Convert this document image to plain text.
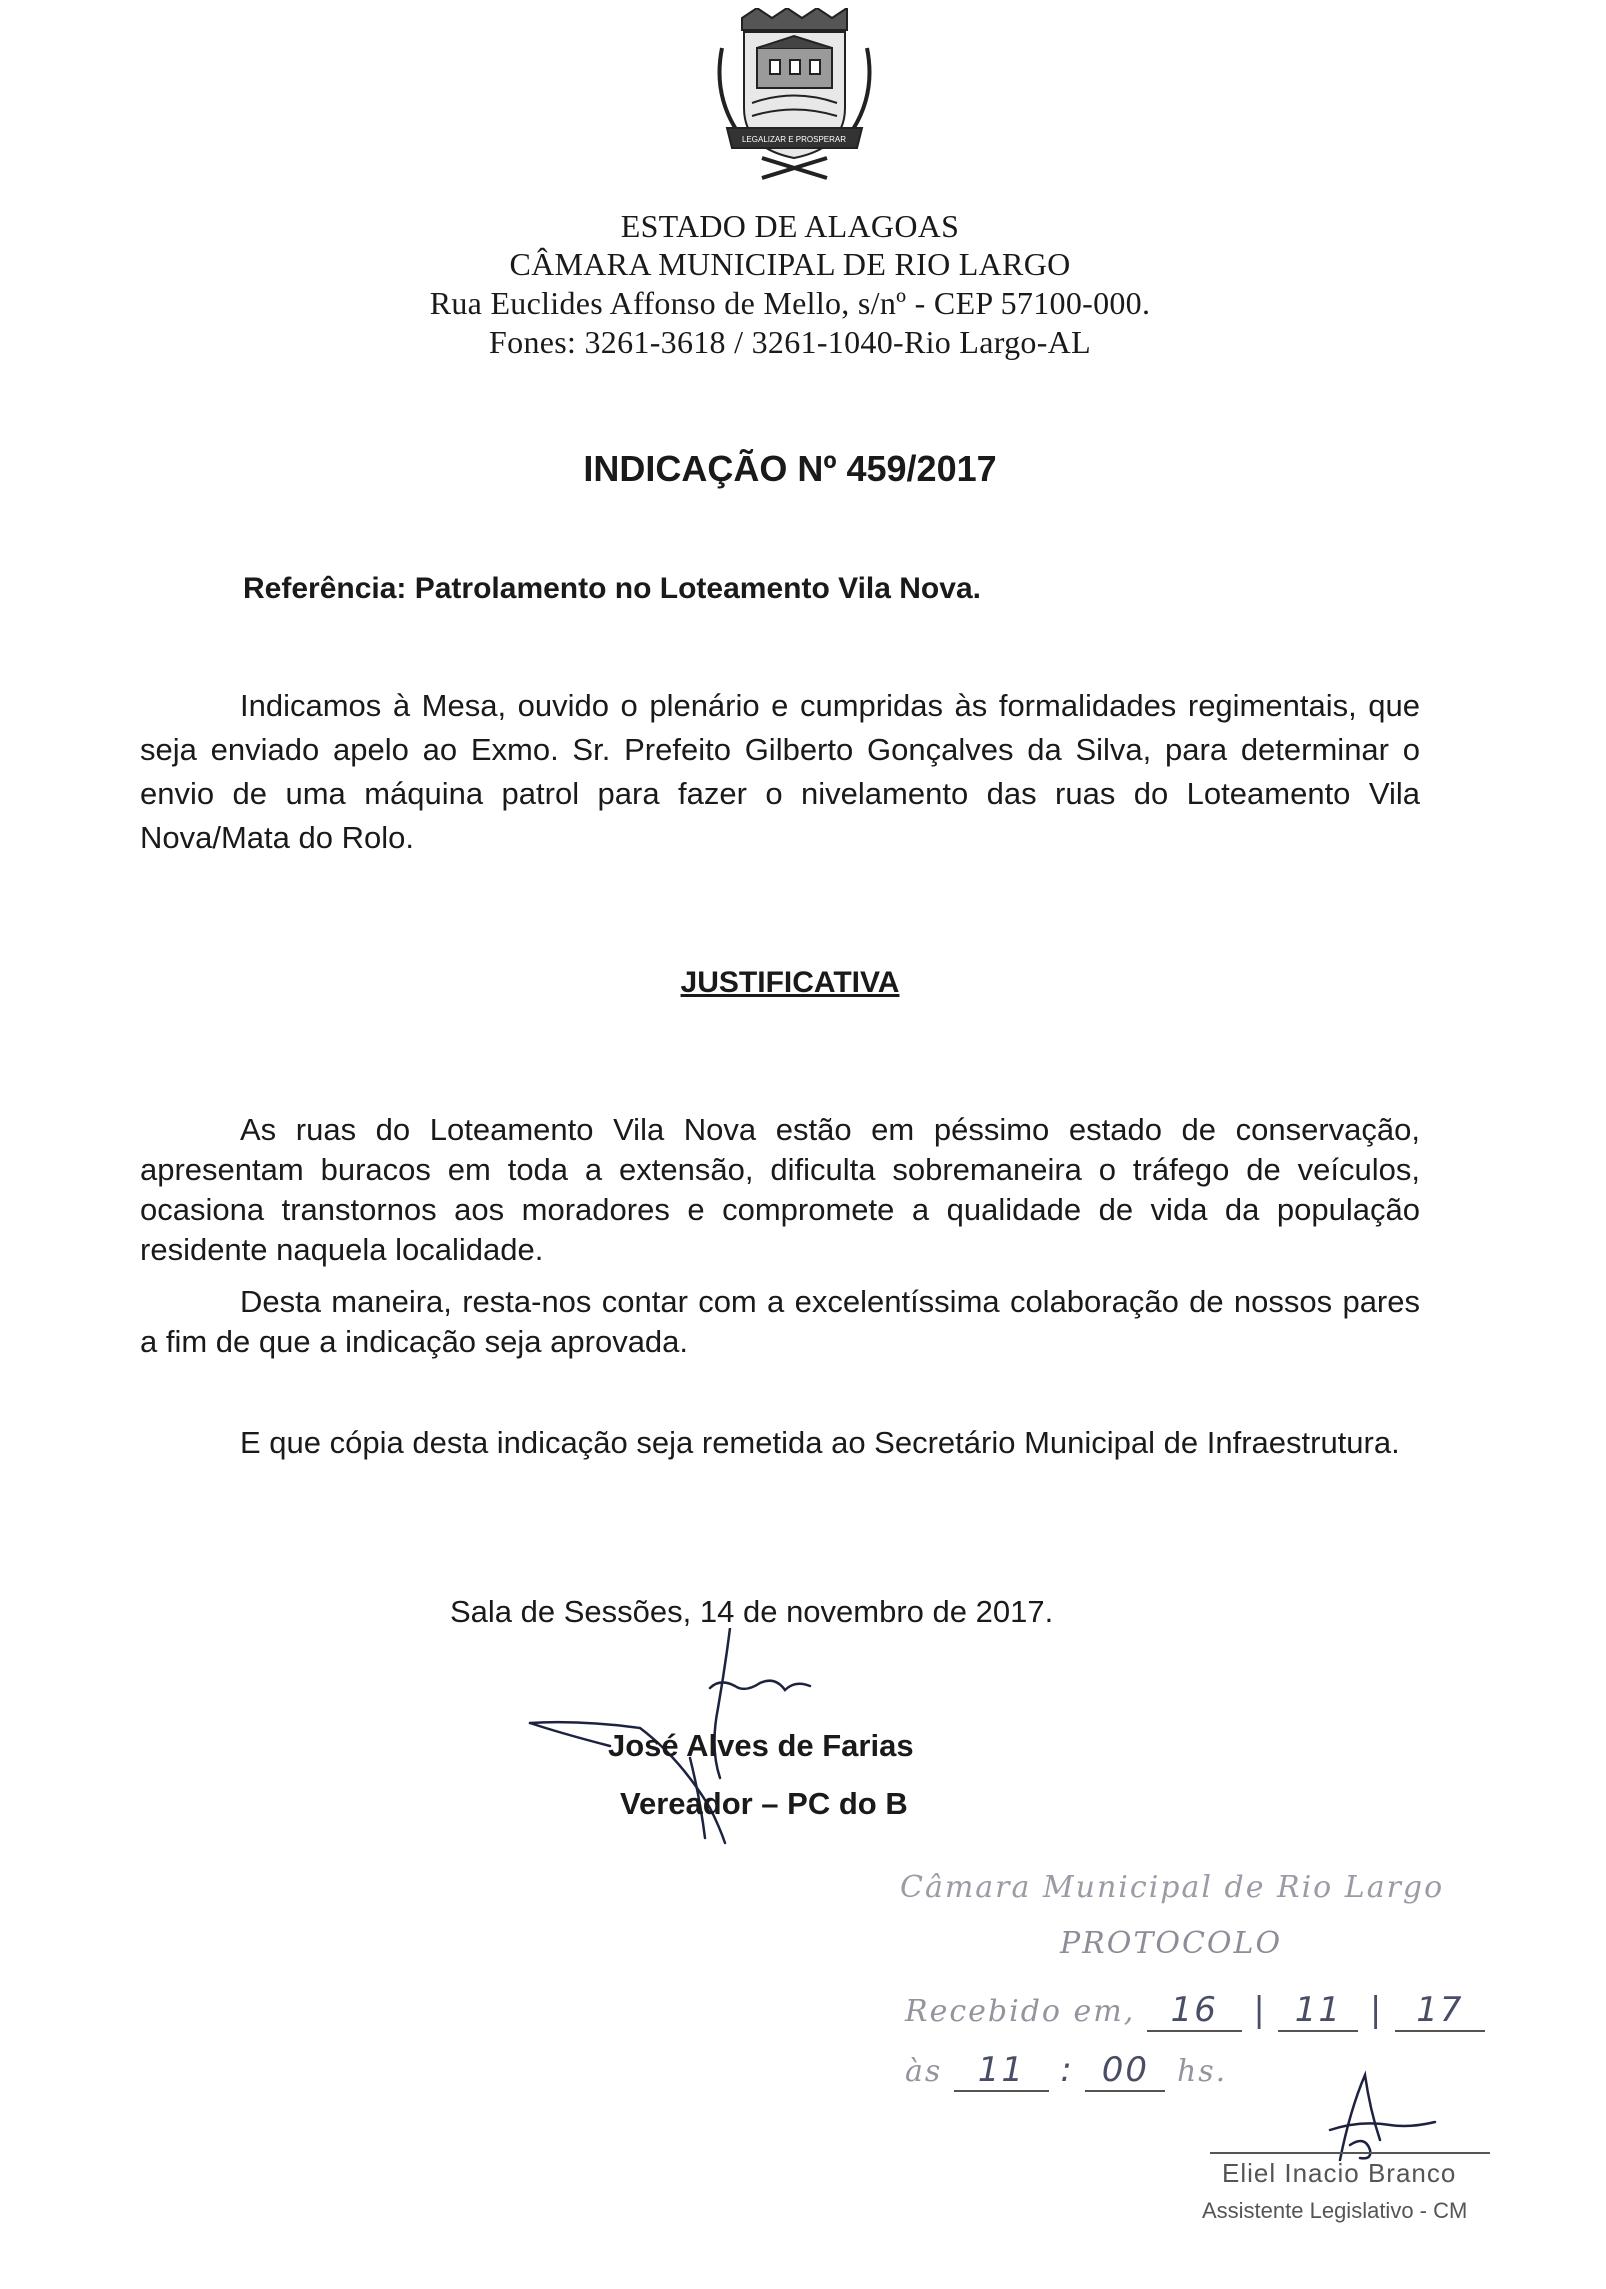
LEGALIZAR E PROSPERAR
ESTADO DE ALAGOAS
CÂMARA MUNICIPAL DE RIO LARGO
Rua Euclides Affonso de Mello, s/nº - CEP 57100-000.
Fones: 3261-3618 / 3261-1040-Rio Largo-AL
INDICAÇÃO Nº 459/2017
Referência: Patrolamento no Loteamento Vila Nova.

Indicamos à Mesa, ouvido o plenário e cumpridas às formalidades regimentais, que seja enviado apelo ao Exmo. Sr. Prefeito Gilberto Gonçalves da Silva, para determinar o envio de uma máquina patrol para fazer o nivelamento das ruas do Loteamento Vila Nova/Mata do Rolo.

JUSTIFICATIVA

As ruas do Loteamento Vila Nova estão em péssimo estado de conservação, apresentam buracos em toda a extensão, dificulta sobremaneira o tráfego de veículos, ocasiona transtornos aos moradores e compromete a qualidade de vida da população residente naquela localidade.

Desta maneira, resta-nos contar com a excelentíssima colaboração de nossos pares a fim de que a indicação seja aprovada.

E que cópia desta indicação seja remetida ao Secretário Municipal de Infraestrutura.

Sala de Sessões, 14 de novembro de 2017.
José Alves de Farias
Vereador – PC do B
Câmara Municipal de Rio Largo
PROTOCOLO
Recebido em, 16 | 11 | 17
às 11 : 00 hs.
Eliel Inacio Branco
Assistente Legislativo - CM
